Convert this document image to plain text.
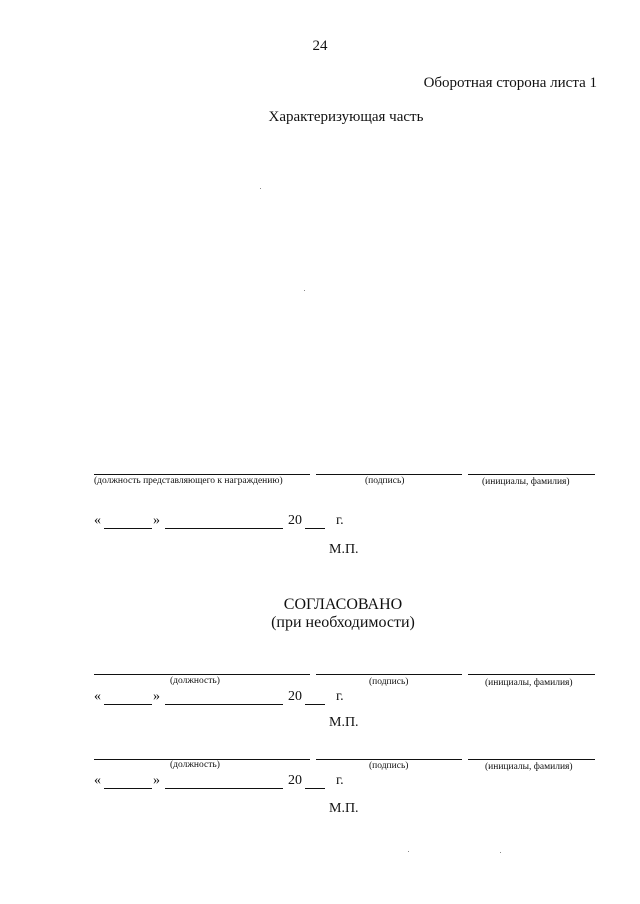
24
Оборотная сторона листа 1
Характеризующая часть
(должность представляющего к награждению)	(подпись)	(инициалы, фамилия)
«	»	20 г.
М.П.
СОГЛАСОВАНО
(при необходимости)
(должность)	(подпись)	(инициалы, фамилия)
«	»	20 г.
М.П.
(должность)	(подпись)	(инициалы, фамилия)
«	»	20 г.
М.П.
